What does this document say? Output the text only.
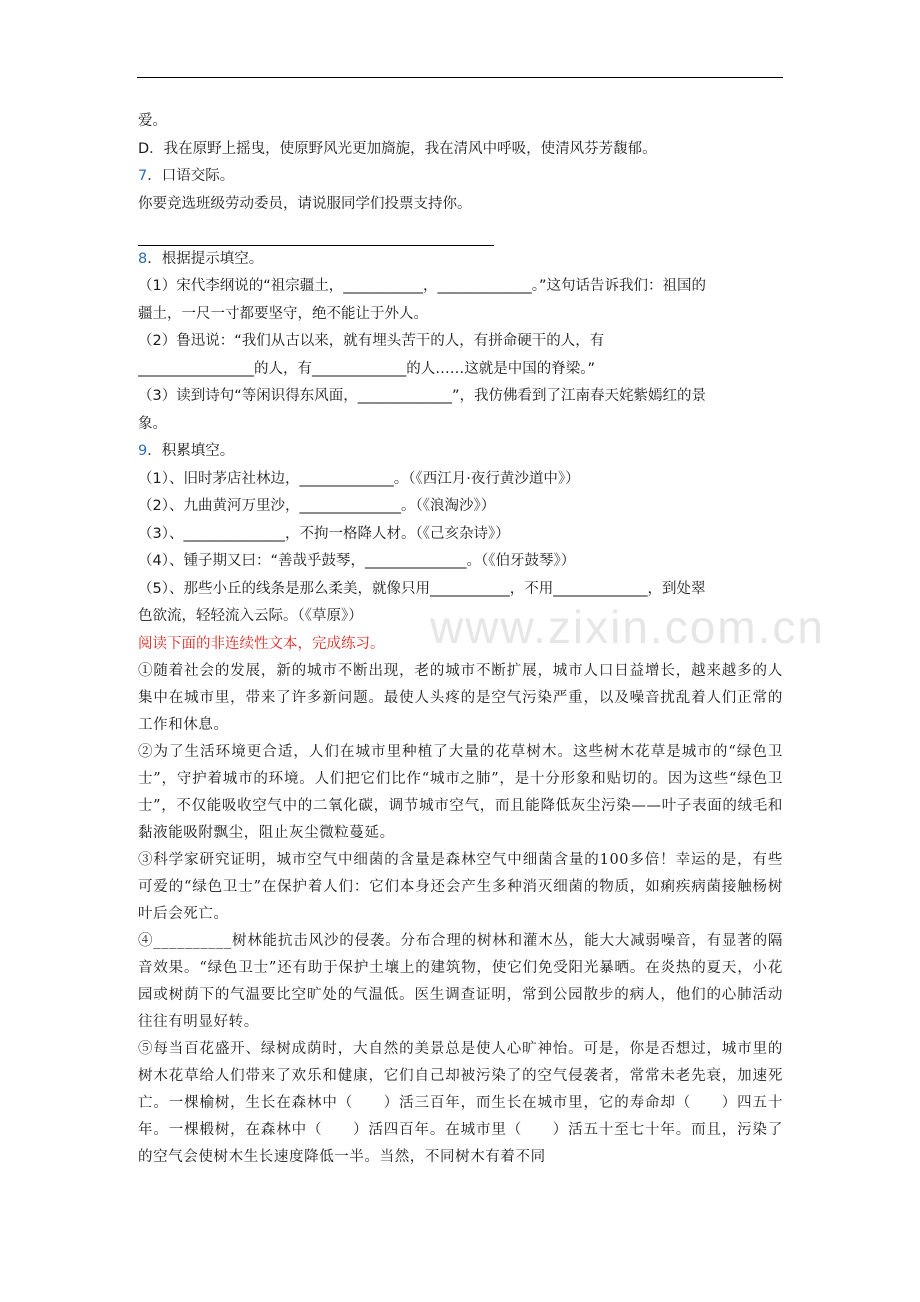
爱。
D．我在原野上摇曳，使原野风光更加旖旎，我在清风中呼吸，使清风芬芳馥郁。
7．口语交际。
你要竞选班级劳动委员，请说服同学们投票支持你。
8．根据提示填空。
（1）宋代李纲说的“祖宗疆土，___________，_____________。”这句话告诉我们：祖国的
疆土，一尺一寸都要坚守，绝不能让于外人。
（2）鲁迅说：“我们从古以来，就有埋头苦干的人，有拼命硬干的人，有
________________的人，有_____________的人……这就是中国的脊梁。”
（3）读到诗句“等闲识得东风面，_____________”，我仿佛看到了江南春天姹紫嫣红的景
象。
9．积累填空。
（1）、旧时茅店社林边，_____________。（《西江月·夜行黄沙道中》）
（2）、九曲黄河万里沙，______________。（《浪淘沙》）
（3）、______________，不拘一格降人材。（《己亥杂诗》）
（4）、锺子期又曰：“善哉乎鼓琴，______________。（《伯牙鼓琴》）
（5）、那些小丘的线条是那么柔美，就像只用___________，不用_____________，到处翠
色欲流，轻轻流入云际。（《草原》）
阅读下面的非连续性文本，完成练习。

①随着社会的发展，新的城市不断出现，老的城市不断扩展，城市人口日益增长，越来越多的人集中在城市里，带来了许多新问题。最使人头疼的是空气污染严重，以及噪音扰乱着人们正常的工作和休息。

②为了生活环境更合适，人们在城市里种植了大量的花草树木。这些树木花草是城市的“绿色卫士”，守护着城市的环境。人们把它们比作“城市之肺”，是十分形象和贴切的。因为这些“绿色卫士”，不仅能吸收空气中的二氧化碳，调节城市空气，而且能降低灰尘污染——叶子表面的绒毛和黏液能吸附飘尘，阻止灰尘微粒蔓延。

③科学家研究证明，城市空气中细菌的含量是森林空气中细菌含量的100多倍！幸运的是，有些可爱的“绿色卫士”在保护着人们：它们本身还会产生多种消灭细菌的物质，如痢疾病菌接触杨树叶后会死亡。

④__________树林能抗击风沙的侵袭。分布合理的树林和灌木丛，能大大减弱噪音，有显著的隔音效果。“绿色卫士”还有助于保护土壤上的建筑物，使它们免受阳光暴晒。在炎热的夏天，小花园或树荫下的气温要比空旷处的气温低。医生调查证明，常到公园散步的病人，他们的心肺活动往往有明显好转。

⑤每当百花盛开、绿树成荫时，大自然的美景总是使人心旷神怡。可是，你是否想过，城市里的树木花草给人们带来了欢乐和健康，它们自己却被污染了的空气侵袭者，常常未老先衰，加速死亡。一棵榆树，生长在森林中（　　）活三百年，而生长在城市里，它的寿命却（　　）四五十年。一棵椴树，在森林中（　　）活四百年。在城市里（　　）活五十至七十年。而且，污染了的空气会使树木生长速度降低一半。当然，不同树木有着不同

www.zixin.com.cn
